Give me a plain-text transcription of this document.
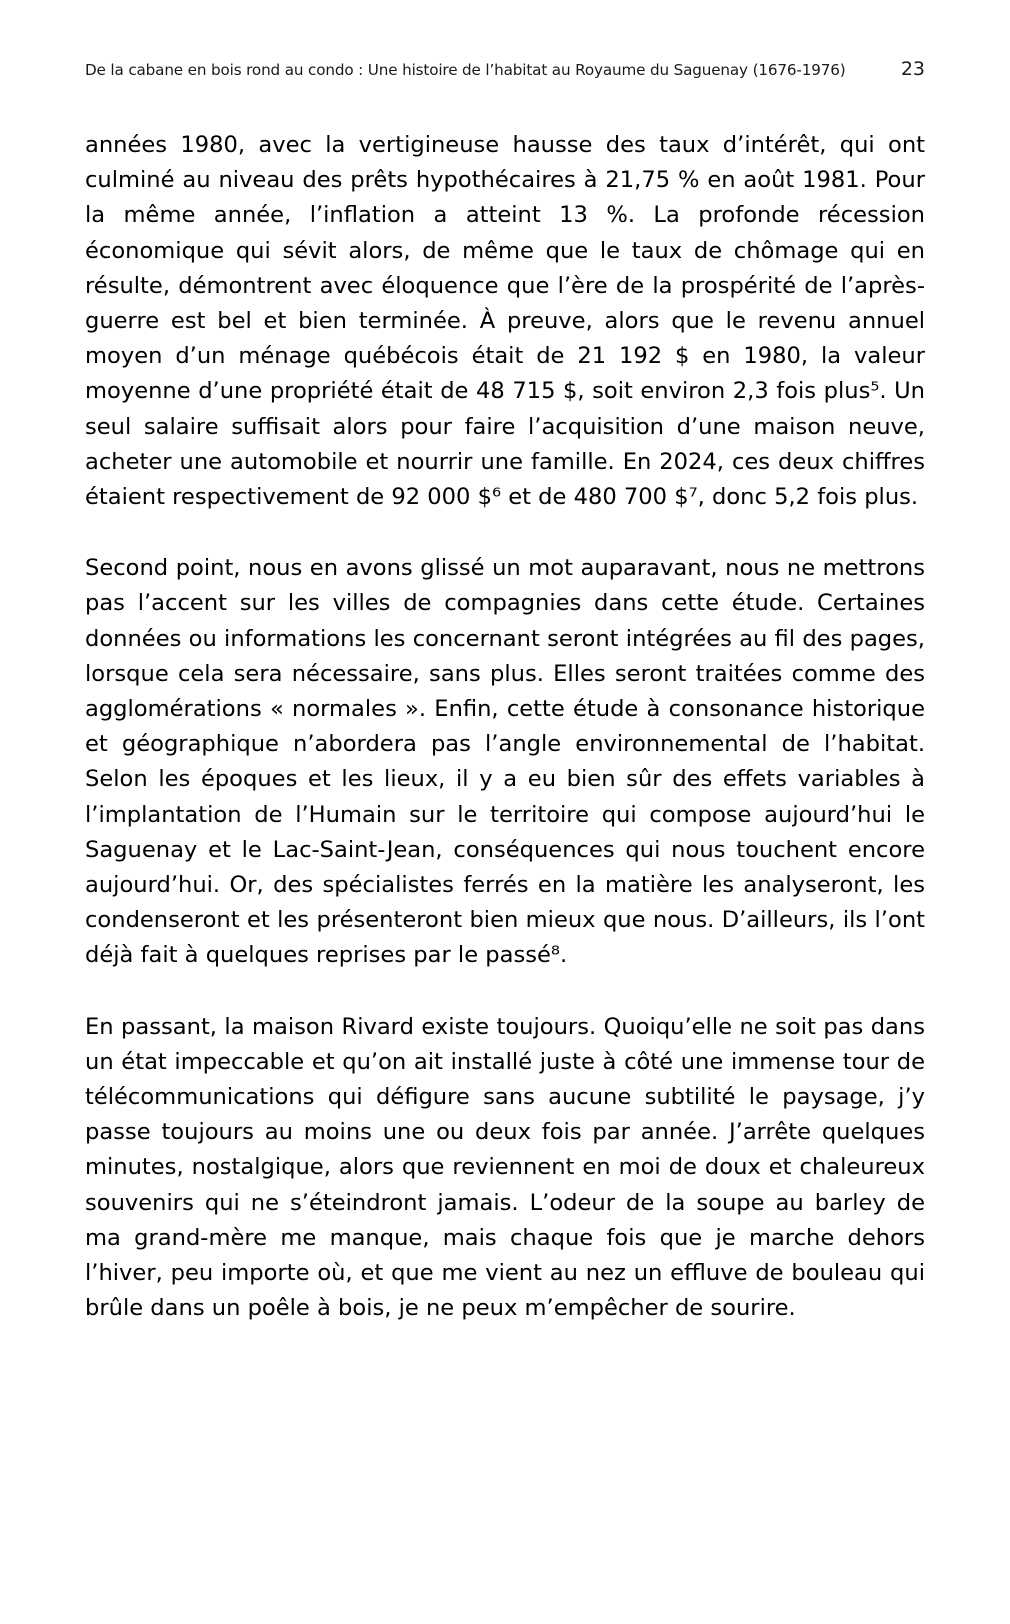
De la cabane en bois rond au condo : Une histoire de l’habitat au Royaume du Saguenay (1676-1976)	23

années 1980, avec la vertigineuse hausse des taux d’intérêt, qui ont culminé au niveau des prêts hypothécaires à 21,75 % en août 1981. Pour la même année, l’inflation a atteint 13 %. La profonde récession économique qui sévit alors, de même que le taux de chômage qui en résulte, démontrent avec éloquence que l’ère de la prospérité de l’après-guerre est bel et bien terminée. À preuve, alors que le revenu annuel moyen d’un ménage québécois était de 21 192 $ en 1980, la valeur moyenne d’une propriété était de 48 715 $, soit environ 2,3 fois plus⁵. Un seul salaire suffisait alors pour faire l’acquisition d’une maison neuve, acheter une automobile et nourrir une famille. En 2024, ces deux chiffres étaient respectivement de 92 000 $⁶ et de 480 700 $⁷, donc 5,2 fois plus.

Second point, nous en avons glissé un mot auparavant, nous ne mettrons pas l’accent sur les villes de compagnies dans cette étude. Certaines données ou informations les concernant seront intégrées au fil des pages, lorsque cela sera nécessaire, sans plus. Elles seront traitées comme des agglomérations « normales ». Enfin, cette étude à consonance historique et géographique n’abordera pas l’angle environnemental de l’habitat. Selon les époques et les lieux, il y a eu bien sûr des effets variables à l’implantation de l’Humain sur le territoire qui compose aujourd’hui le Saguenay et le Lac-Saint-Jean, conséquences qui nous touchent encore aujourd’hui. Or, des spécialistes ferrés en la matière les analyseront, les condenseront et les présenteront bien mieux que nous. D’ailleurs, ils l’ont déjà fait à quelques reprises par le passé⁸.

En passant, la maison Rivard existe toujours. Quoiqu’elle ne soit pas dans un état impeccable et qu’on ait installé juste à côté une immense tour de télécommunications qui défigure sans aucune subtilité le paysage, j’y passe toujours au moins une ou deux fois par année. J’arrête quelques minutes, nostalgique, alors que reviennent en moi de doux et chaleureux souvenirs qui ne s’éteindront jamais. L’odeur de la soupe au barley de ma grand-mère me manque, mais chaque fois que je marche dehors l’hiver, peu importe où, et que me vient au nez un effluve de bouleau qui brûle dans un poêle à bois, je ne peux m’empêcher de sourire.
